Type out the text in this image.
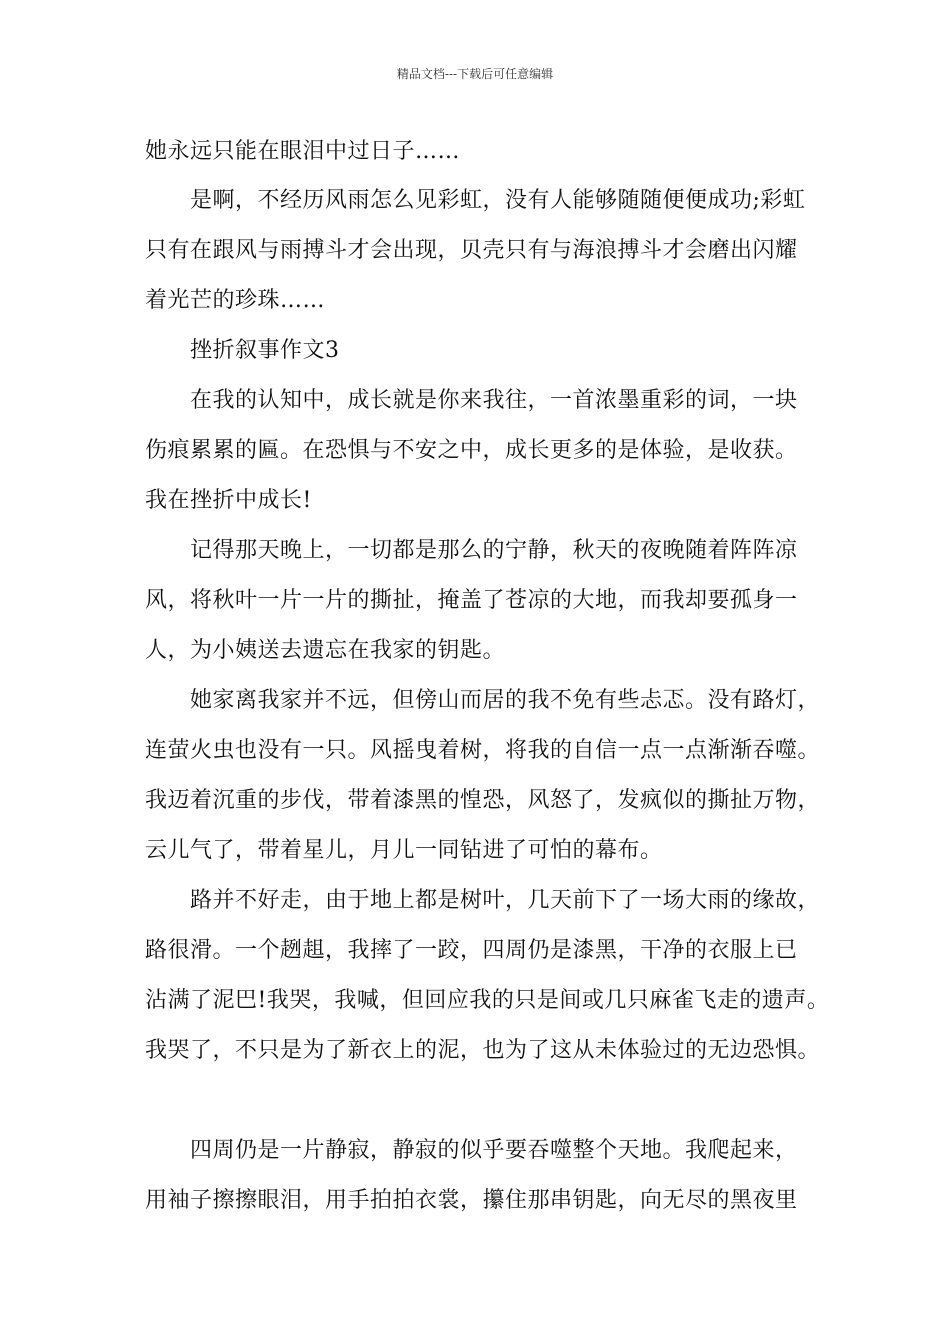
精品文档---下载后可任意编辑
她永远只能在眼泪中过日子……
是啊，不经历风雨怎么见彩虹，没有人能够随随便便成功;彩虹
只有在跟风与雨搏斗才会出现，贝壳只有与海浪搏斗才会磨出闪耀
着光芒的珍珠……
挫折叙事作文3
在我的认知中，成长就是你来我往，一首浓墨重彩的词，一块
伤痕累累的匾。在恐惧与不安之中，成长更多的是体验，是收获。
我在挫折中成长!
记得那天晚上，一切都是那么的宁静，秋天的夜晚随着阵阵凉
风，将秋叶一片一片的撕扯，掩盖了苍凉的大地，而我却要孤身一
人，为小姨送去遗忘在我家的钥匙。
她家离我家并不远，但傍山而居的我不免有些忐忑。没有路灯，
连萤火虫也没有一只。风摇曳着树，将我的自信一点一点渐渐吞噬。
我迈着沉重的步伐，带着漆黑的惶恐，风怒了，发疯似的撕扯万物，
云儿气了，带着星儿，月儿一同钻进了可怕的幕布。
路并不好走，由于地上都是树叶，几天前下了一场大雨的缘故，
路很滑。一个趔趄，我摔了一跤，四周仍是漆黑，干净的衣服上已
沾满了泥巴!我哭，我喊，但回应我的只是间或几只麻雀飞走的遗声。
我哭了，不只是为了新衣上的泥，也为了这从未体验过的无边恐惧。
四周仍是一片静寂，静寂的似乎要吞噬整个天地。我爬起来，
用袖子擦擦眼泪，用手拍拍衣裳，攥住那串钥匙，向无尽的黑夜里
